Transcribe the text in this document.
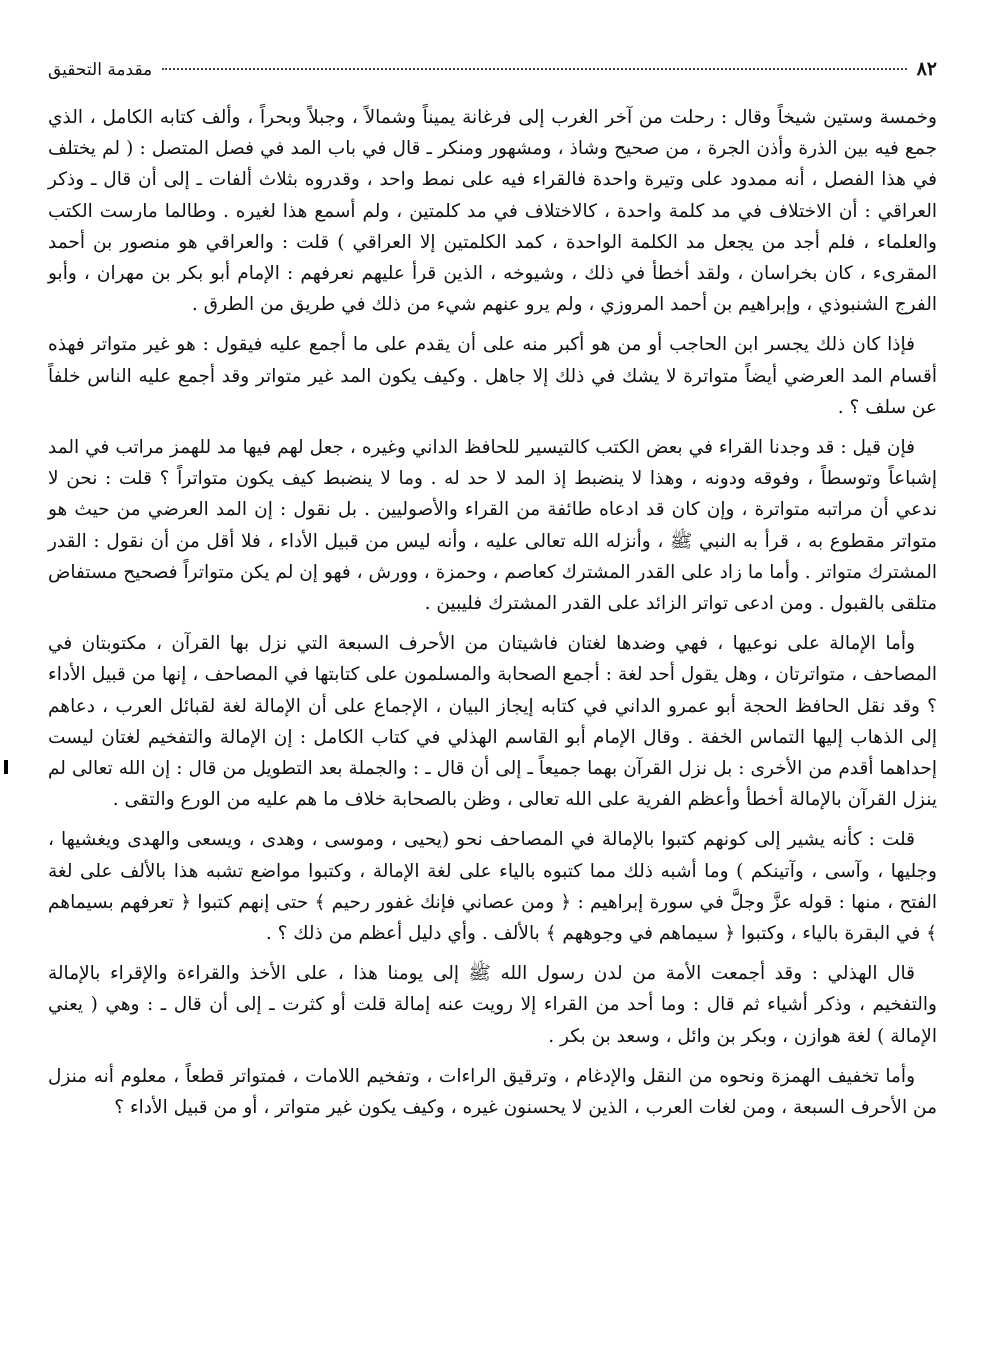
٨٢
مقدمة التحقيق

وخمسة وستين شيخاً وقال : رحلت من آخر الغرب إلى فرغانة يميناً وشمالاً ، وجبلاً وبحراً ، وألف كتابه الكامل ، الذي جمع فيه بين الذرة وأذن الجرة ، من صحيح وشاذ ، ومشهور ومنكر ـ قال في باب المد في فصل المتصل : ( لم يختلف في هذا الفصل ، أنه ممدود على وتيرة واحدة فالقراء فيه على نمط واحد ، وقدروه بثلاث ألفات ـ إلى أن قال ـ وذكر العراقي : أن الاختلاف في مد كلمة واحدة ، كالاختلاف في مد كلمتين ، ولم أسمع هذا لغيره . وطالما مارست الكتب والعلماء ، فلم أجد من يجعل مد الكلمة الواحدة ، كمد الكلمتين إلا العراقي ) قلت : والعراقي هو منصور بن أحمد المقرىء ، كان بخراسان ، ولقد أخطأ في ذلك ، وشيوخه ، الذين قرأ عليهم نعرفهم : الإمام أبو بكر بن مهران ، وأبو الفرج الشنبوذي ، وإبراهيم بن أحمد المروزي ، ولم يرو عنهم شيء من ذلك في طريق من الطرق .

فإذا كان ذلك يجسر ابن الحاجب أو من هو أكبر منه على أن يقدم على ما أجمع عليه فيقول : هو غير متواتر فهذه أقسام المد العرضي أيضاً متواترة لا يشك في ذلك إلا جاهل . وكيف يكون المد غير متواتر وقد أجمع عليه الناس خلفاً عن سلف ؟ .

فإن قيل : قد وجدنا القراء في بعض الكتب كالتيسير للحافظ الداني وغيره ، جعل لهم فيها مد للهمز مراتب في المد إشباعاً وتوسطاً ، وفوقه ودونه ، وهذا لا ينضبط إذ المد لا حد له . وما لا ينضبط كيف يكون متواتراً ؟ قلت : نحن لا ندعي أن مراتبه متواترة ، وإن كان قد ادعاه طائفة من القراء والأصوليين . بل نقول : إن المد العرضي من حيث هو متواتر مقطوع به ، قرأ به النبي ﷺ ، وأنزله الله تعالى عليه ، وأنه ليس من قبيل الأداء ، فلا أقل من أن نقول : القدر المشترك متواتر . وأما ما زاد على القدر المشترك كعاصم ، وحمزة ، وورش ، فهو إن لم يكن متواتراً فصحيح مستفاض متلقى بالقبول . ومن ادعى تواتر الزائد على القدر المشترك فليبين .

وأما الإمالة على نوعيها ، فهي وضدها لغتان فاشيتان من الأحرف السبعة التي نزل بها القرآن ، مكتوبتان في المصاحف ، متواترتان ، وهل يقول أحد لغة : أجمع الصحابة والمسلمون على كتابتها في المصاحف ، إنها من قبيل الأداء ؟ وقد نقل الحافظ الحجة أبو عمرو الداني في كتابه إيجاز البيان ، الإجماع على أن الإمالة لغة لقبائل العرب ، دعاهم إلى الذهاب إليها التماس الخفة . وقال الإمام أبو القاسم الهذلي في كتاب الكامل : إن الإمالة والتفخيم لغتان ليست إحداهما أقدم من الأخرى : بل نزل القرآن بهما جميعاً ـ إلى أن قال ـ : والجملة بعد التطويل من قال : إن الله تعالى لم ينزل القرآن بالإمالة أخطأ وأعظم الفرية على الله تعالى ، وظن بالصحابة خلاف ما هم عليه من الورع والتقى .

قلت : كأنه يشير إلى كونهم كتبوا بالإمالة في المصاحف نحو (يحيى ، وموسى ، وهدى ، ويسعى والهدى ويغشيها ، وجليها ، وآسى ، وآتينكم ) وما أشبه ذلك مما كتبوه بالياء على لغة الإمالة ، وكتبوا مواضع تشبه هذا بالألف على لغة الفتح ، منها : قوله عزَّ وجلَّ في سورة إبراهيم : ﴿ ومن عصاني فإنك غفور رحيم ﴾ حتى إنهم كتبوا ﴿ تعرفهم بسيماهم ﴾ في البقرة بالياء ، وكتبوا ﴿ سيماهم في وجوههم ﴾ بالألف . وأي دليل أعظم من ذلك ؟ .

قال الهذلي : وقد أجمعت الأمة من لدن رسول الله ﷺ إلى يومنا هذا ، على الأخذ والقراءة والإقراء بالإمالة والتفخيم ، وذكر أشياء ثم قال : وما أحد من القراء إلا رويت عنه إمالة قلت أو كثرت ـ إلى أن قال ـ : وهي ( يعني الإمالة ) لغة هوازن ، وبكر بن وائل ، وسعد بن بكر .

وأما تخفيف الهمزة ونحوه من النقل والإدغام ، وترقيق الراءات ، وتفخيم اللامات ، فمتواتر قطعاً ، معلوم أنه منزل من الأحرف السبعة ، ومن لغات العرب ، الذين لا يحسنون غيره ، وكيف يكون غير متواتر ، أو من قبيل الأداء ؟
